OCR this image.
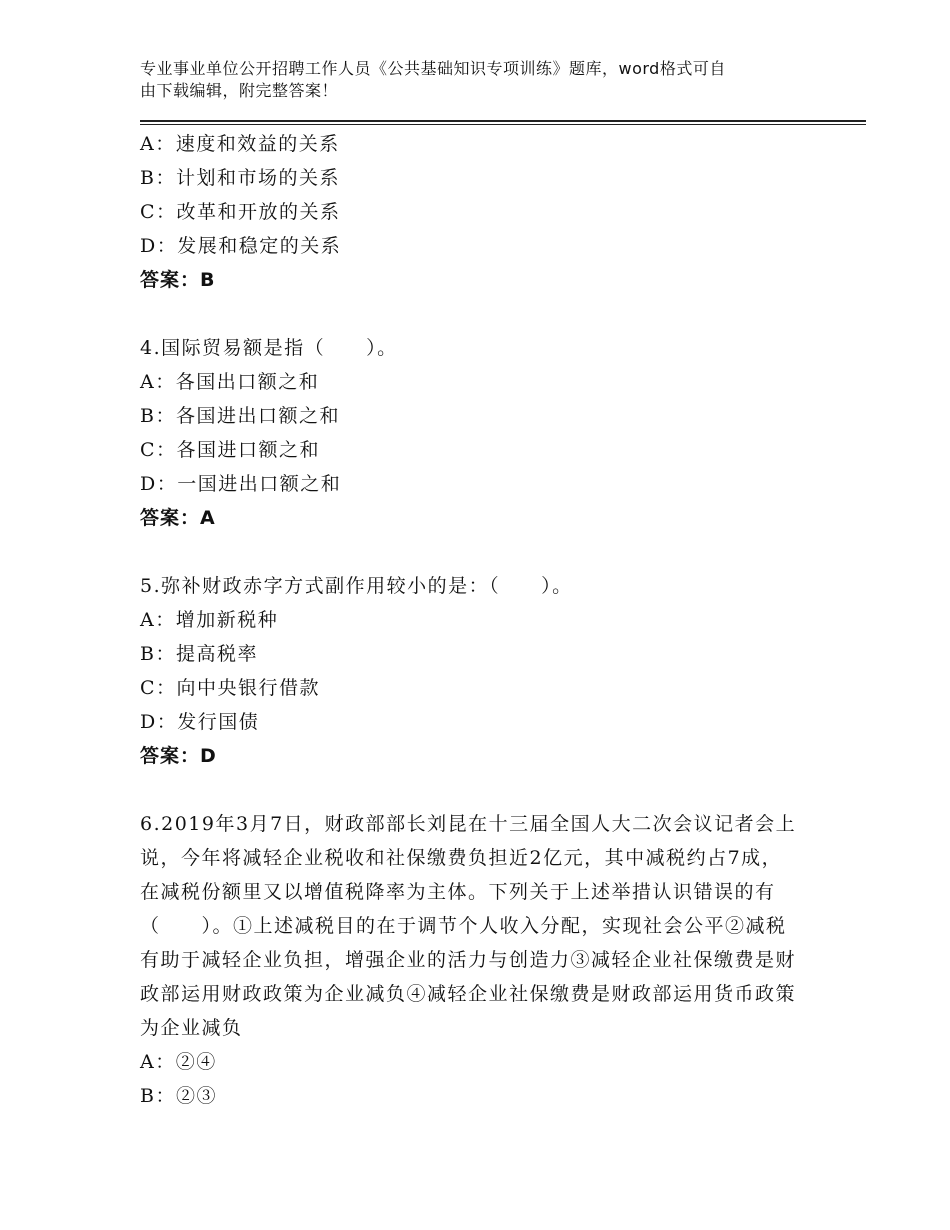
专业事业单位公开招聘工作人员《公共基础知识专项训练》题库，word格式可自
由下载编辑，附完整答案！

A：速度和效益的关系

B：计划和市场的关系

C：改革和开放的关系

D：发展和稳定的关系

答案：B

4.国际贸易额是指（　　）。

A：各国出口额之和

B：各国进出口额之和

C：各国进口额之和

D：一国进出口额之和

答案：A

5.弥补财政赤字方式副作用较小的是：（　　）。

A：增加新税种

B：提高税率

C：向中央银行借款

D：发行国债

答案：D

6.2019年3月7日，财政部部长刘昆在十三届全国人大二次会议记者会上说，今年将减轻企业税收和社保缴费负担近2亿元，其中减税约占7成，在减税份额里又以增值税降率为主体。下列关于上述举措认识错误的有（　　）。①上述减税目的在于调节个人收入分配，实现社会公平②减税有助于减轻企业负担，增强企业的活力与创造力③减轻企业社保缴费是财政部运用财政政策为企业减负④减轻企业社保缴费是财政部运用货币政策为企业减负

A：②④

B：②③
